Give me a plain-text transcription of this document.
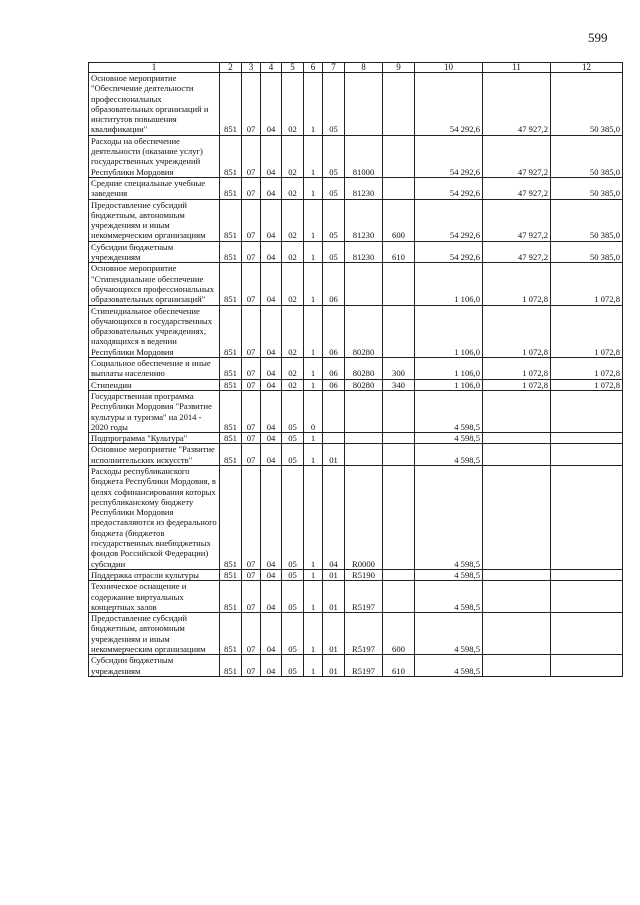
599
1	2	3	4	5	6	7	8	9	10	11	12
Основное мероприятие "Обеспечение деятельности профессиональных образовательных организаций и институтов повышения квалификации"	851	07	04	02	1	05			54 292,6	47 927,2	50 385,0
Расходы на обеспечение деятельности (оказание услуг) государственных учреждений Республики Мордовия	851	07	04	02	1	05	81000		54 292,6	47 927,2	50 385,0
Средние специальные учебные заведения	851	07	04	02	1	05	81230		54 292,6	47 927,2	50 385,0
Предоставление субсидий бюджетным, автономным учреждениям и иным некоммерческим организациям	851	07	04	02	1	05	81230	600	54 292,6	47 927,2	50 385,0
Субсидии бюджетным учреждениям	851	07	04	02	1	05	81230	610	54 292,6	47 927,2	50 385,0
Основное мероприятие "Стипендиальное обеспечение обучающихся профессиональных образовательных организаций"	851	07	04	02	1	06			1 106,0	1 072,8	1 072,8
Стипендиальное обеспечение обучающихся в государственных образовательных учреждениях, находящихся в ведении Республики Мордовия	851	07	04	02	1	06	80280		1 106,0	1 072,8	1 072,8
Социальное обеспечение и иные выплаты населению	851	07	04	02	1	06	80280	300	1 106,0	1 072,8	1 072,8
Стипендии	851	07	04	02	1	06	80280	340	1 106,0	1 072,8	1 072,8
Государственная программа Республики Мордовия "Развитие культуры и туризма" на 2014 - 2020 годы	851	07	04	05	0				4 598,5		
Подпрограмма "Культура"	851	07	04	05	1				4 598,5		
Основное мероприятие "Развитие исполнительских искусств"	851	07	04	05	1	01			4 598,5		
Расходы республиканского бюджета Республики Мордовия, в целях софинансирования которых республиканскому бюджету Республики Мордовия предоставляются из федерального бюджета (бюджетов государственных внебюджетных фондов Российской Федерации) субсидии	851	07	04	05	1	04	R0000		4 598,5		
Поддержка отрасли культуры	851	07	04	05	1	01	R5190		4 598,5		
Техническое оснащение и содержание виртуальных концертных залов	851	07	04	05	1	01	R5197		4 598,5		
Предоставление субсидий бюджетным, автономным учреждениям и иным некоммерческим организациям	851	07	04	05	1	01	R5197	600	4 598,5		
Субсидии бюджетным учреждениям	851	07	04	05	1	01	R5197	610	4 598,5		
